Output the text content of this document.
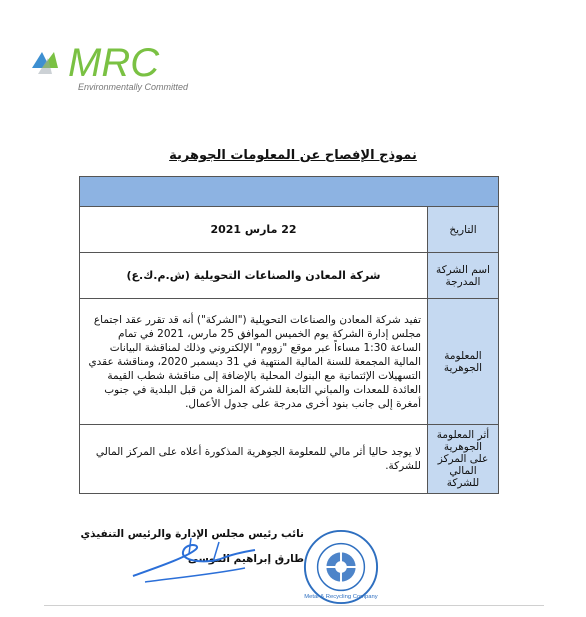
MRC
Environmentally Committed
نموذج الإفصاح عن المعلومات الجوهرية

التاريخ	22 مارس 2021
اسم الشركة المدرجة	شركة المعادن والصناعات التحويلية (ش.م.ك.ع)
المعلومة الجوهرية	تفيد شركة المعادن والصناعات التحويلية ("الشركة") أنه قد تقرر عقد اجتماع مجلس إدارة الشركة يوم الخميس الموافق 25 مارس، 2021 في تمام الساعة 1:30 مساءاً عبر موقع "زووم" الإلكتروني وذلك لمناقشة البيانات المالية المجمعة للسنة المالية المنتهية في 31 ديسمبر 2020، ومناقشة عقدي التسهيلات الإئتمانية مع البنوك المحلية بالإضافة إلى مناقشة شطب القيمة العائدة للمعدات والمباني التابعة للشركة المزالة من قبل البلدية في جنوب أمغرة إلى جانب بنود أخرى مدرجة على جدول الأعمال.
أثر المعلومة الجوهرية على المركز المالي للشركة	لا يوجد حاليا أثر مالي للمعلومة الجوهرية المذكورة أعلاه على المركز المالي للشركة.
نائب رئيس مجلس الإدارة والرئيس التنفيذي
طارق إبراهيم الموسى
Metal & Recycling Company
